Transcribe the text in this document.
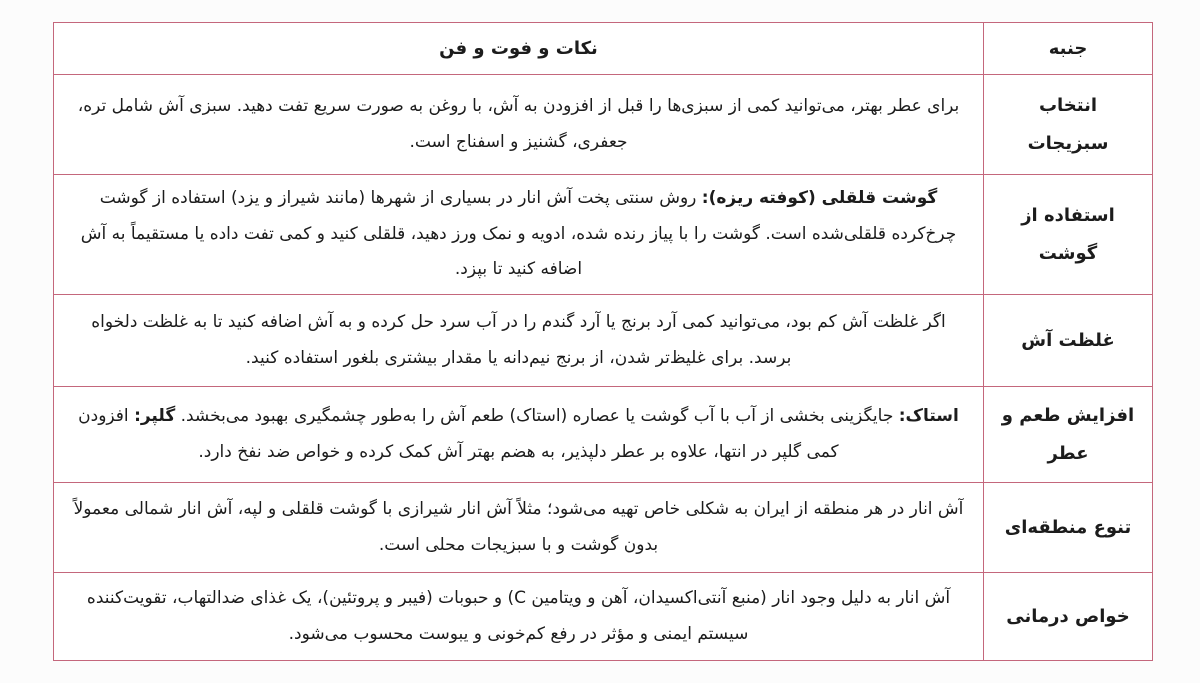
جنبه	نکات و فوت و فن
انتخاب سبزیجات	برای عطر بهتر، می‌توانید کمی از سبزی‌ها را قبل از افزودن به آش، با روغن به صورت سریع تفت دهید. سبزی آش شامل تره، جعفری، گشنیز و اسفناج است.
استفاده از گوشت	گوشت قلقلی (کوفته ریزه): روش سنتی پخت آش انار در بسیاری از شهرها (مانند شیراز و یزد) استفاده از گوشت چرخ‌کرده قلقلی‌شده است. گوشت را با پیاز رنده شده، ادویه و نمک ورز دهید، قلقلی کنید و کمی تفت داده یا مستقیماً به آش اضافه کنید تا بپزد.
غلظت آش	اگر غلظت آش کم بود، می‌توانید کمی آرد برنج یا آرد گندم را در آب سرد حل کرده و به آش اضافه کنید تا به غلظت دلخواه برسد. برای غلیظ‌تر شدن، از برنج نیم‌دانه یا مقدار بیشتری بلغور استفاده کنید.
افزایش طعم و عطر	استاک: جایگزینی بخشی از آب با آب گوشت یا عصاره (استاک) طعم آش را به‌طور چشمگیری بهبود می‌بخشد. گلپر: افزودن کمی گلپر در انتها، علاوه بر عطر دلپذیر، به هضم بهتر آش کمک کرده و خواص ضد نفخ دارد.
تنوع منطقه‌ای	آش انار در هر منطقه از ایران به شکلی خاص تهیه می‌شود؛ مثلاً آش انار شیرازی با گوشت قلقلی و لپه، آش انار شمالی معمولاً بدون گوشت و با سبزیجات محلی است.
خواص درمانی	آش انار به دلیل وجود انار (منبع آنتی‌اکسیدان، آهن و ویتامین C) و حبوبات (فیبر و پروتئین)، یک غذای ضدالتهاب، تقویت‌کننده سیستم ایمنی و مؤثر در رفع کم‌خونی و یبوست محسوب می‌شود.
